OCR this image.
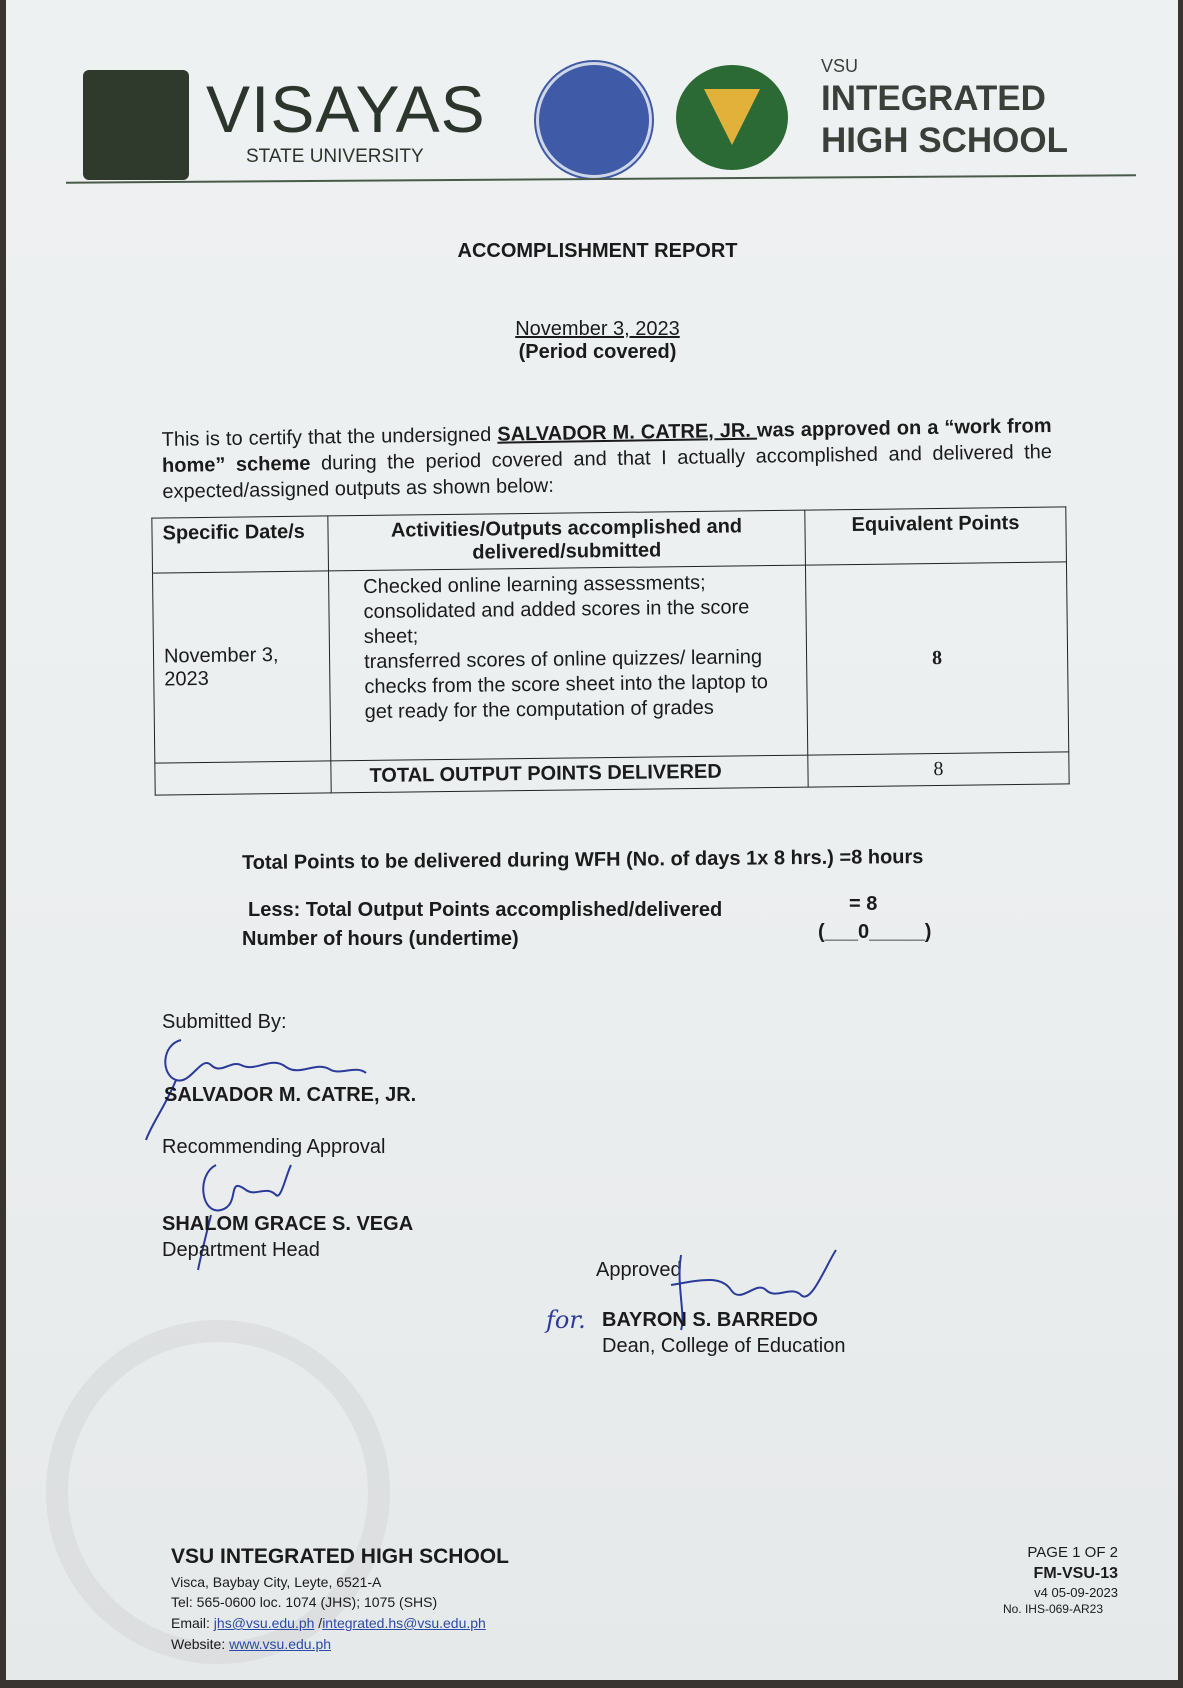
VISAYAS
STATE UNIVERSITY
VSU
INTEGRATED
HIGH SCHOOL
ACCOMPLISHMENT REPORT
November 3, 2023
(Period covered)
This is to certify that the undersigned SALVADOR M. CATRE, JR. was approved on a “work from home” scheme during the period covered and that I actually accomplished and delivered the expected/assigned outputs as shown below:
Specific Date/s	Activities/Outputs accomplished and delivered/submitted	Equivalent Points
November 3, 2023	Checked online learning assessments;
consolidated and added scores in the score sheet;
transferred scores of online quizzes/ learning checks from the score sheet into the laptop to get ready for the computation of grades	8
	TOTAL OUTPUT POINTS DELIVERED	8
Total Points to be delivered during WFH (No. of days 1x 8 hrs.) =8 hours
Less: Total Output Points accomplished/delivered	= 8
Number of hours (undertime)	(___0_____)
Submitted By:
SALVADOR M. CATRE, JR.
Recommending Approval
SHALOM GRACE S. VEGA
Department Head
Approved
for. BAYRON S. BARREDO
Dean, College of Education
VSU INTEGRATED HIGH SCHOOL
Visca, Baybay City, Leyte, 6521-A
Tel: 565-0600 loc. 1074 (JHS); 1075 (SHS)
Email: jhs@vsu.edu.ph /integrated.hs@vsu.edu.ph
Website: www.vsu.edu.ph
PAGE 1 OF 2
FM-VSU-13
v4 05-09-2023
No. IHS-069-AR23
